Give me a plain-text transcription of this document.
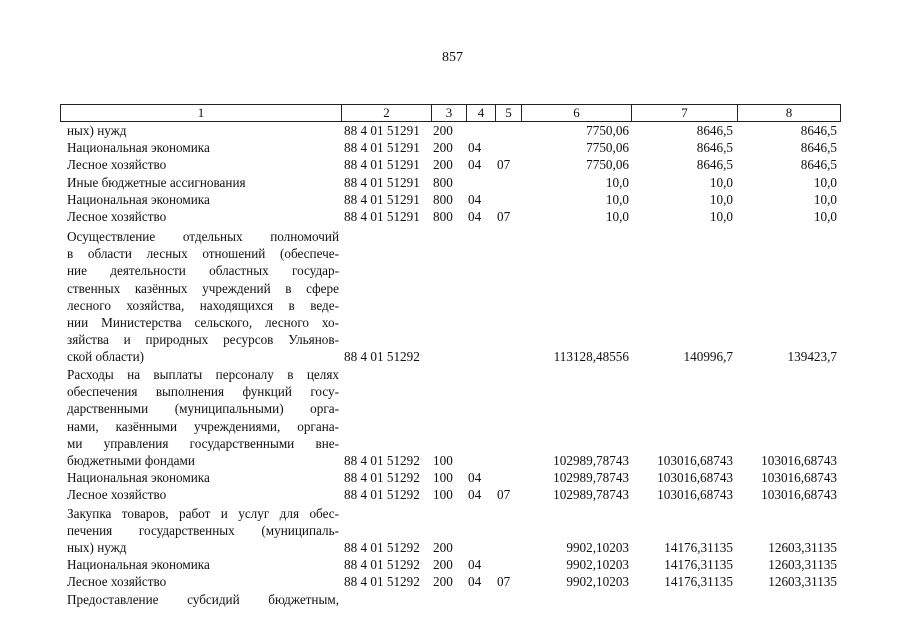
857
1	2	3	4	5	6	7	8
ных) нужд	88 4 01 51291 200	7750,06	8646,5	8646,5
Национальная экономика	88 4 01 51291 200 04	7750,06	8646,5	8646,5
Лесное хозяйство	88 4 01 51291 200 04 07	7750,06	8646,5	8646,5
Иные бюджетные ассигнования	88 4 01 51291 800	10,0	10,0	10,0
Национальная экономика	88 4 01 51291 800 04	10,0	10,0	10,0
Лесное хозяйство	88 4 01 51291 800 04 07	10,0	10,0	10,0
Осуществление отдельных полномочий
в области лесных отношений (обеспече-
ние деятельности областных государ-
ственных казённых учреждений в сфере
лесного хозяйства, находящихся в веде-
нии Министерства сельского, лесного хо-
зяйства и природных ресурсов Ульянов-
ской области)	88 4 01 51292	113128,48556	140996,7	139423,7
Расходы на выплаты персоналу в целях
обеспечения выполнения функций госу-
дарственными (муниципальными) орга-
нами, казёнными учреждениями, органа-
ми управления государственными вне-
бюджетными фондами	88 4 01 51292 100	102989,78743 103016,68743 103016,68743
Национальная экономика	88 4 01 51292 100 04	102989,78743 103016,68743 103016,68743
Лесное хозяйство	88 4 01 51292 100 04 07	102989,78743 103016,68743 103016,68743
Закупка товаров, работ и услуг для обес-
печения государственных (муниципаль-
ных) нужд	88 4 01 51292 200	9902,10203	14176,31135	12603,31135
Национальная экономика	88 4 01 51292 200 04	9902,10203	14176,31135	12603,31135
Лесное хозяйство	88 4 01 51292 200 04 07	9902,10203	14176,31135	12603,31135
Предоставление субсидий бюджетным,
